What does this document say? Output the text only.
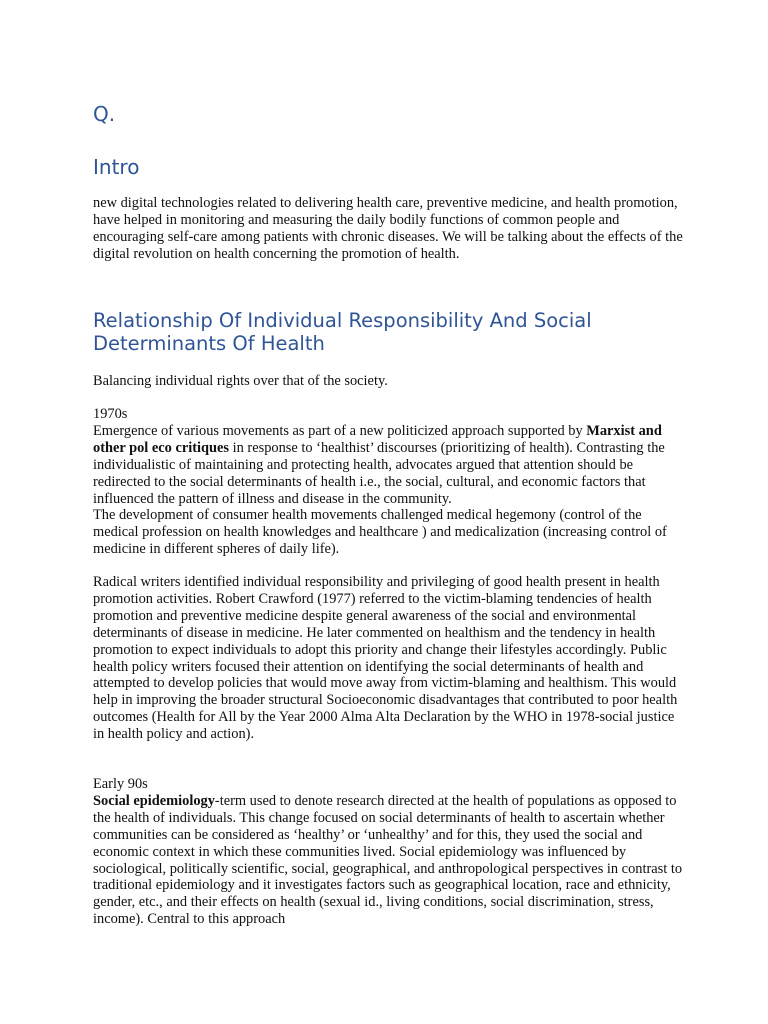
Q.
Intro

new digital technologies related to delivering health care, preventive medicine, and health promotion, have helped in monitoring and measuring the daily bodily functions of common people and encouraging self-care among patients with chronic diseases. We will be talking about the effects of the digital revolution on health concerning the promotion of health.

Relationship Of Individual Responsibility And Social Determinants Of Health

Balancing individual rights over that of the society.

1970s
Emergence of various movements as part of a new politicized approach supported by Marxist and other pol eco critiques in response to ‘healthist’ discourses (prioritizing of health). Contrasting the individualistic of maintaining and protecting health, advocates argued that attention should be redirected to the social determinants of health i.e., the social, cultural, and economic factors that influenced the pattern of illness and disease in the community.
The development of consumer health movements challenged medical hegemony (control of the medical profession on health knowledges and healthcare ) and medicalization (increasing control of medicine in different spheres of daily life).

Radical writers identified individual responsibility and privileging of good health present in health promotion activities. Robert Crawford (1977) referred to the victim-blaming tendencies of health promotion and preventive medicine despite general awareness of the social and environmental determinants of disease in medicine. He later commented on healthism and the tendency in health promotion to expect individuals to adopt this priority and change their lifestyles accordingly. Public health policy writers focused their attention on identifying the social determinants of health and attempted to develop policies that would move away from victim-blaming and healthism. This would help in improving the broader structural Socioeconomic disadvantages that contributed to poor health outcomes (Health for All by the Year 2000 Alma Alta Declaration by the WHO in 1978-social justice in health policy and action).

Early 90s
Social epidemiology-term used to denote research directed at the health of populations as opposed to the health of individuals. This change focused on social determinants of health to ascertain whether communities can be considered as ‘healthy’ or ‘unhealthy’ and for this, they used the social and economic context in which these communities lived. Social epidemiology was influenced by sociological, politically scientific, social, geographical, and anthropological perspectives in contrast to traditional epidemiology and it investigates factors such as geographical location, race and ethnicity, gender, etc., and their effects on health (sexual id., living conditions, social discrimination, stress, income). Central to this approach
